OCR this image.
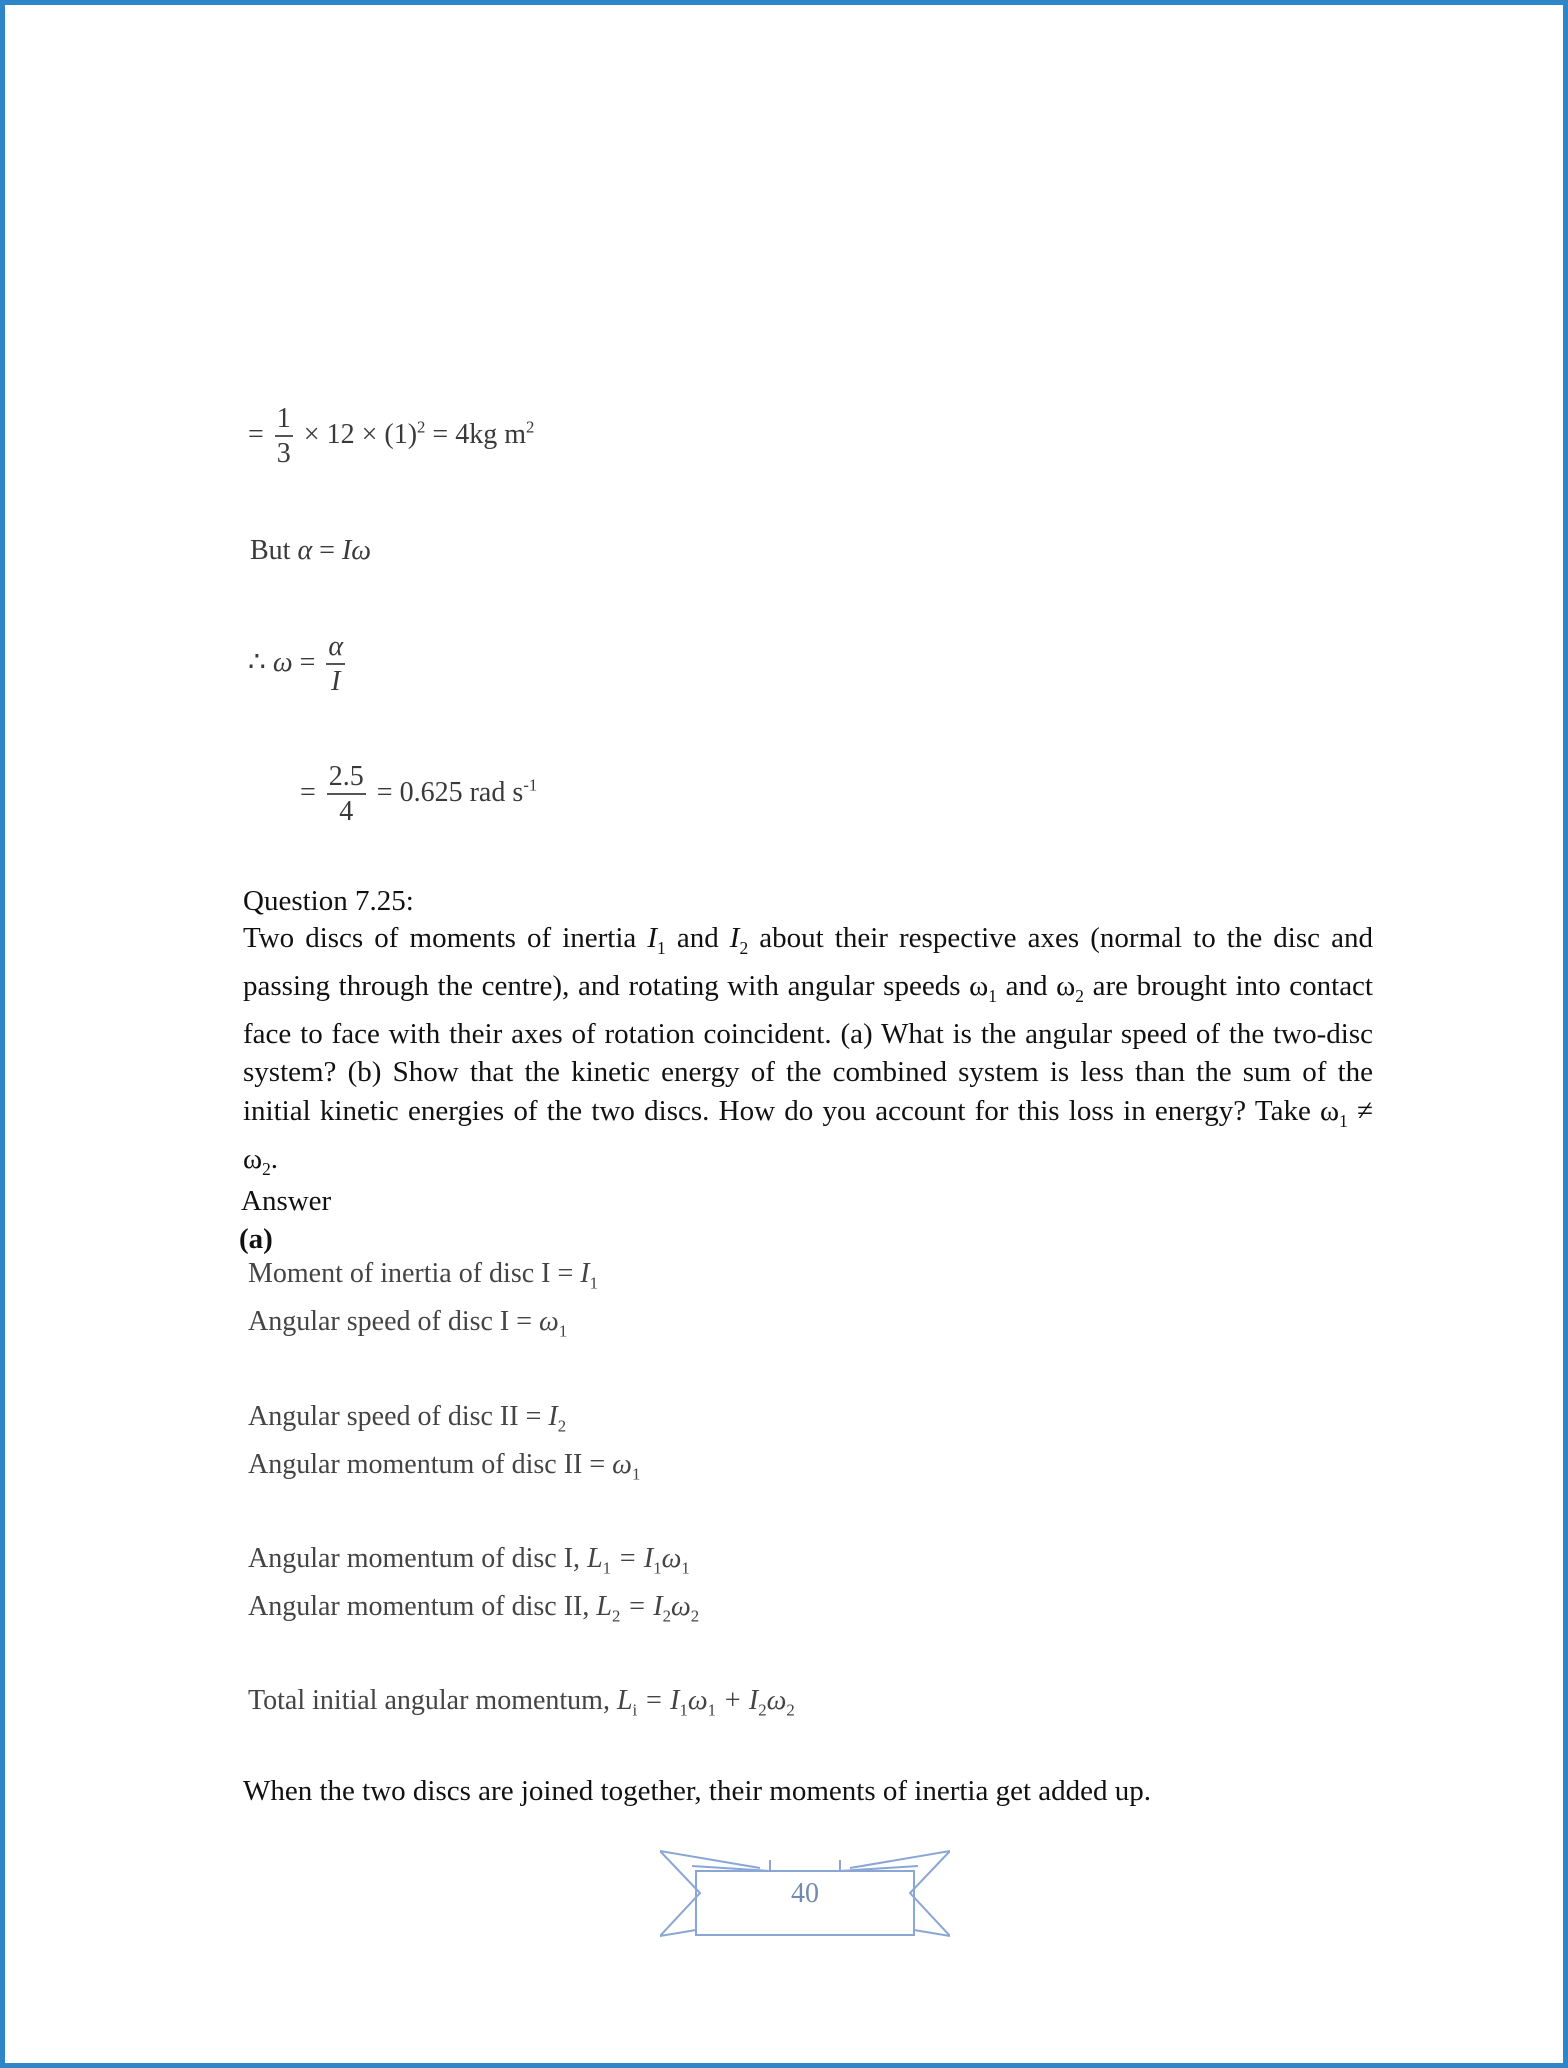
= $\frac{1}{3} \times 12 \times (1)^2 = 4kg$ $m^2$
But α = Iω
∴ $\omega = \frac{\alpha}{I}$
= $\frac{2.5}{4} = 0.625$ rad $s^{-1}$
Question 7.25:
Two discs of moments of inertia $I_1$ and $I_2$ about their respective axes (normal to the disc and passing through the centre), and rotating with angular speeds $\omega_1$ and $\omega_2$ are brought into contact face to face with their axes of rotation coincident. (a) What is the angular speed of the two-disc system? (b) Show that the kinetic energy of the combined system is less than the sum of the initial kinetic energies of the two discs. How do you account for this loss in energy? Take $\omega_1 \ne \omega_2$.
Answer
(a)
Moment of inertia of disc $I = I_1$
Angular speed of disc $I = \omega_1$
Angular speed of disc II = $I_2$
Angular momentum of disc II = $\omega_1$
Angular momentum of disc I, $L_1 = I_1\omega_1$
Angular momentum of disc II, $L_2 = I_2\omega_2$
Total initial angular momentum, $L_i = I_1\omega_1 + I_2\omega_2$
When the two discs are joined together, their moments of inertia get added up.
40
